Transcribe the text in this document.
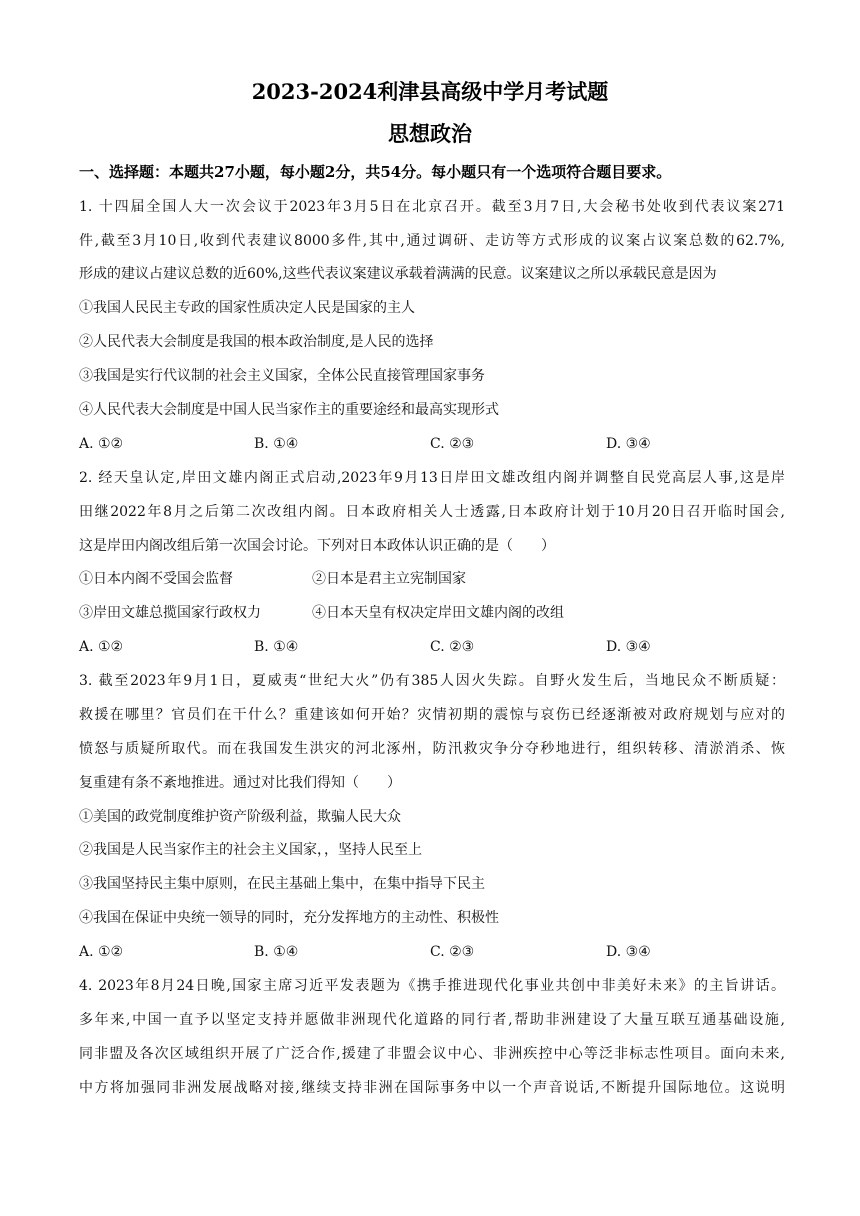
2023-2024利津县高级中学月考试题
思想政治
一、选择题：本题共27小题，每小题2分，共54分。每小题只有一个选项符合题目要求。
1. 十四届全国人大一次会议于2023年3月5日在北京召开。截至3月7日,大会秘书处收到代表议案271
件,截至3月10日,收到代表建议8000多件,其中,通过调研、走访等方式形成的议案占议案总数的62.7%,
形成的建议占建议总数的近60%,这些代表议案建议承载着满满的民意。议案建议之所以承载民意是因为
①我国人民民主专政的国家性质决定人民是国家的主人
②人民代表大会制度是我国的根本政治制度,是人民的选择
③我国是实行代议制的社会主义国家，全体公民直接管理国家事务
④人民代表大会制度是中国人民当家作主的重要途经和最高实现形式
A. ①②	B. ①④	C. ②③	D. ③④
2. 经天皇认定,岸田文雄内阁正式启动,2023年9月13日岸田文雄改组内阁并调整自民党高层人事,这是岸
田继2022年8月之后第二次改组内阁。日本政府相关人士透露,日本政府计划于10月20日召开临时国会,
这是岸田内阁改组后第一次国会讨论。下列对日本政体认识正确的是（　　）
①日本内阁不受国会监督	②日本是君主立宪制国家
③岸田文雄总揽国家行政权力	④日本天皇有权决定岸田文雄内阁的改组
A. ①②	B. ①④	C. ②③	D. ③④
3. 截至2023年9月1日，夏威夷“世纪大火”仍有385人因火失踪。自野火发生后，当地民众不断质疑：
救援在哪里？官员们在干什么？重建该如何开始？灾情初期的震惊与哀伤已经逐渐被对政府规划与应对的
愤怒与质疑所取代。而在我国发生洪灾的河北涿州，防汛救灾争分夺秒地进行，组织转移、清淤消杀、恢
复重建有条不紊地推进。通过对比我们得知（　　）
①美国的政党制度维护资产阶级利益，欺骗人民大众
②我国是人民当家作主的社会主义国家，，坚持人民至上
③我国坚持民主集中原则，在民主基础上集中，在集中指导下民主
④我国在保证中央统一领导的同时，充分发挥地方的主动性、积极性
A. ①②	B. ①④	C. ②③	D. ③④
4. 2023年8月24日晚,国家主席习近平发表题为《携手推进现代化事业共创中非美好未来》的主旨讲话。
多年来,中国一直予以坚定支持并愿做非洲现代化道路的同行者,帮助非洲建设了大量互联互通基础设施,
同非盟及各次区域组织开展了广泛合作,援建了非盟会议中心、非洲疾控中心等泛非标志性项目。面向未来,
中方将加强同非洲发展战略对接,继续支持非洲在国际事务中以一个声音说话,不断提升国际地位。这说明
